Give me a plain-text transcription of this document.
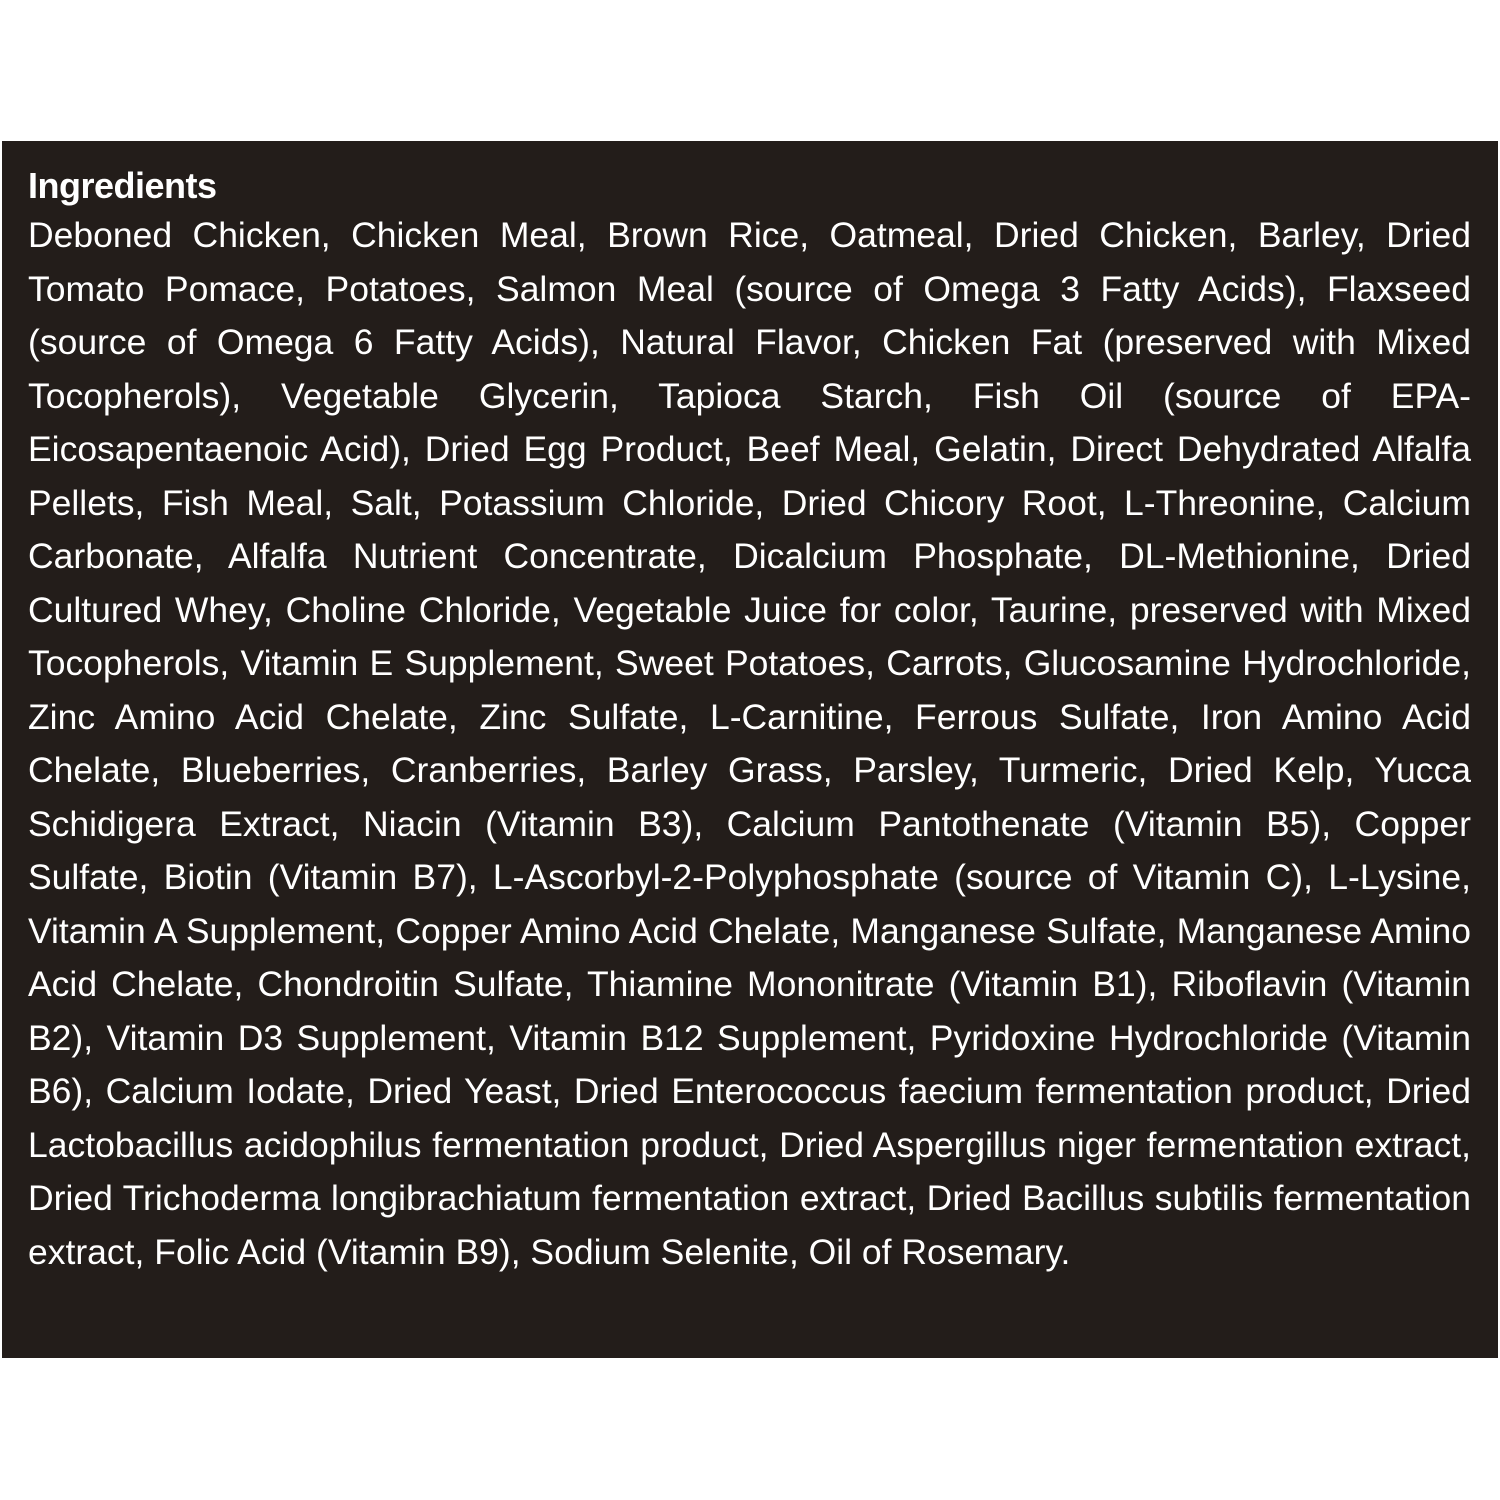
Ingredients

Deboned Chicken, Chicken Meal, Brown Rice, Oatmeal, Dried Chicken, Barley, Dried Tomato Pomace, Potatoes, Salmon Meal (source of Omega 3 Fatty Acids), Flaxseed (source of Omega 6 Fatty Acids), Natural Flavor, Chicken Fat (preserved with Mixed Tocopherols), Vegetable Glycerin, Tapioca Starch, Fish Oil (source of EPA-Eicosapentaenoic Acid), Dried Egg Product, Beef Meal, Gelatin, Direct Dehydrated Alfalfa Pellets, Fish Meal, Salt, Potassium Chloride, Dried Chicory Root, L-Threonine, Calcium Carbonate, Alfalfa Nutrient Concentrate, Dicalcium Phosphate, DL-Methionine, Dried Cultured Whey, Choline Chloride, Vegetable Juice for color, Taurine, preserved with Mixed Tocopherols, Vitamin E Supplement, Sweet Potatoes, Carrots, Glucosamine Hydrochloride, Zinc Amino Acid Chelate, Zinc Sulfate, L-Carnitine, Ferrous Sulfate, Iron Amino Acid Chelate, Blueberries, Cranberries, Barley Grass, Parsley, Turmeric, Dried Kelp, Yucca Schidigera Extract, Niacin (Vitamin B3), Calcium Pantothenate (Vitamin B5), Copper Sulfate, Biotin (Vitamin B7), L-Ascorbyl-2-Polyphosphate (source of Vitamin C), L-Lysine, Vitamin A Supplement, Copper Amino Acid Chelate, Manganese Sulfate, Manganese Amino Acid Chelate, Chondroitin Sulfate, Thiamine Mononitrate (Vitamin B1), Riboflavin (Vitamin B2), Vitamin D3 Supplement, Vitamin B12 Supplement, Pyridoxine Hydrochloride (Vitamin B6), Calcium Iodate, Dried Yeast, Dried Enterococcus faecium fermentation product, Dried Lactobacillus acidophilus fermentation product, Dried Aspergillus niger fermentation extract, Dried Trichoderma longibrachiatum fermentation extract, Dried Bacillus subtilis fermentation extract, Folic Acid (Vitamin B9), Sodium Selenite, Oil of Rosemary.
